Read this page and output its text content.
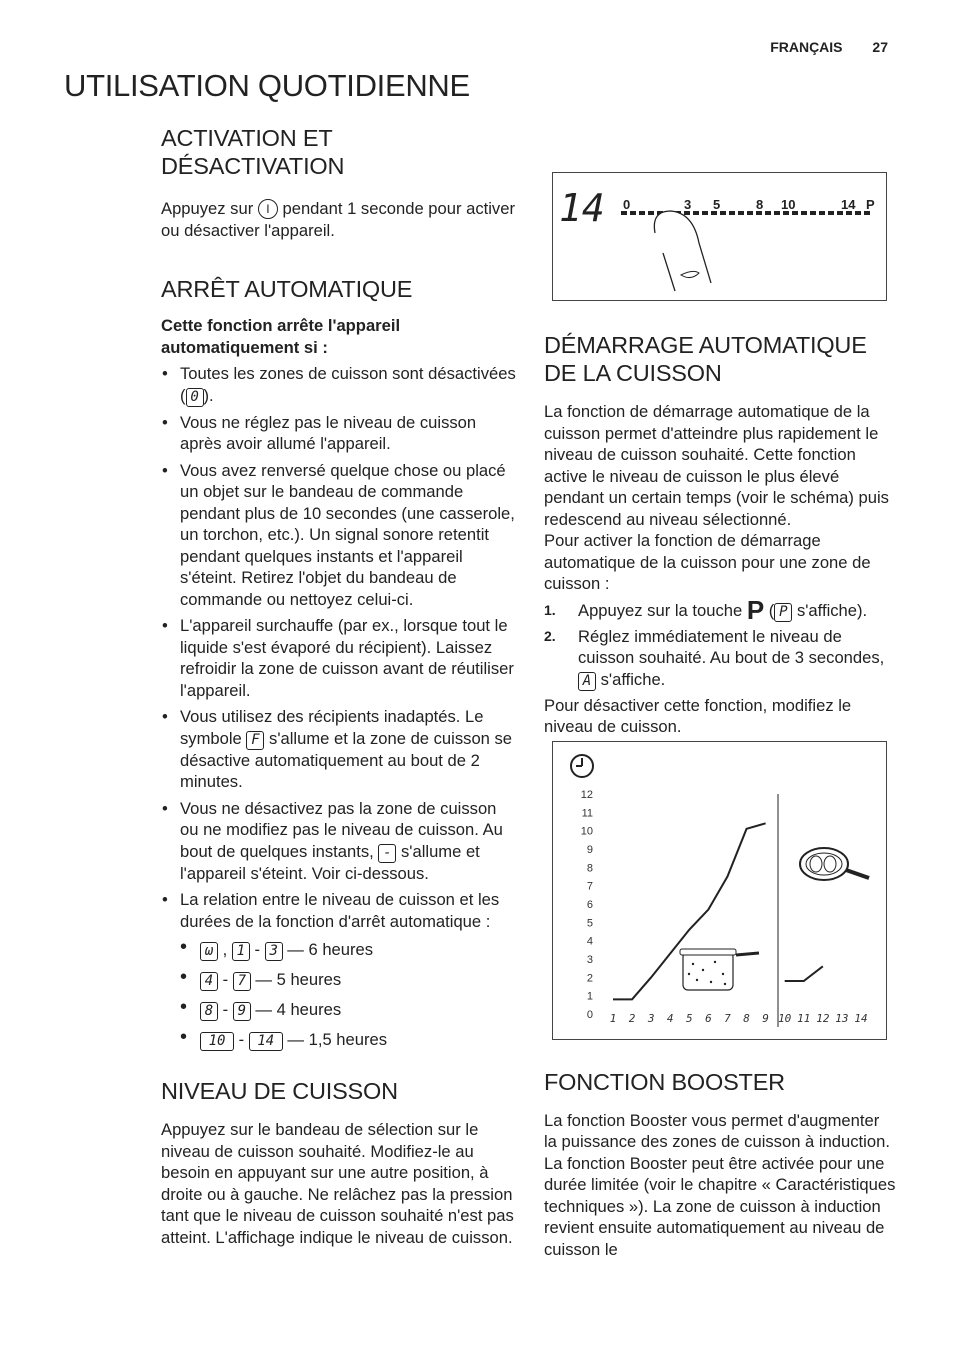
FRANÇAIS 27
UTILISATION QUOTIDIENNE
ACTIVATION ET DÉSACTIVATION

Appuyez sur I pendant 1 seconde pour activer ou désactiver l'appareil.

ARRÊT AUTOMATIQUE

Cette fonction arrête l'appareil automatiquement si :

• Toutes les zones de cuisson sont désactivées ( 0 ).
• Vous ne réglez pas le niveau de cuisson après avoir allumé l'appareil.
• Vous avez renversé quelque chose ou placé un objet sur le bandeau de commande pendant plus de 10 secondes (une casserole, un torchon, etc.). Un signal sonore retentit pendant quelques instants et l'appareil s'éteint. Retirez l'objet du bandeau de commande ou nettoyez celui-ci.
• L'appareil surchauffe (par ex., lorsque tout le liquide s'est évaporé du récipient). Laissez refroidir la zone de cuisson avant de réutiliser l'appareil.
• Vous utilisez des récipients inadaptés. Le symbole F s'allume et la zone de cuisson se désactive automatiquement au bout de 2 minutes.
• Vous ne désactivez pas la zone de cuisson ou ne modifiez pas le niveau de cuisson. Au bout de quelques instants, - s'allume et l'appareil s'éteint. Voir ci-dessous.
• La relation entre le niveau de cuisson et les durées de la fonction d'arrêt automatique :
• ω , 1 - 3 — 6 heures
• 4 - 7 — 5 heures
• 8 - 9 — 4 heures
• 10 - 14 — 1,5 heures
NIVEAU DE CUISSON

Appuyez sur le bandeau de sélection sur le niveau de cuisson souhaité. Modifiez-le au besoin en appuyant sur une autre position, à droite ou à gauche. Ne relâchez pas la pression tant que le niveau de cuisson souhaité n'est pas atteint. L'affichage indique le niveau de cuisson.

14 0	3 5	8 10	14 P
DÉMARRAGE AUTOMATIQUE DE LA CUISSON

La fonction de démarrage automatique de la cuisson permet d'atteindre plus rapidement le niveau de cuisson souhaité. Cette fonction active le niveau de cuisson le plus élevé pendant un certain temps (voir le schéma) puis redescend au niveau sélectionné.

Pour activer la fonction de démarrage automatique de la cuisson pour une zone de cuisson :

1. Appuyez sur la touche P ( P s'affiche).
2. Réglez immédiatement le niveau de cuisson souhaité. Au bout de 3 secondes, A s'affiche.

Pour désactiver cette fonction, modifiez le niveau de cuisson.

0
1
2
3
4
5
6
7
8
9
10
11
12
1 2 3 4 5 6 7 8 9 10 11 12 13 14
FONCTION BOOSTER

La fonction Booster vous permet d'augmenter la puissance des zones de cuisson à induction. La fonction Booster peut être activée pour une durée limitée (voir le chapitre « Caractéristiques techniques »). La zone de cuisson à induction revient ensuite automatiquement au niveau de cuisson le
